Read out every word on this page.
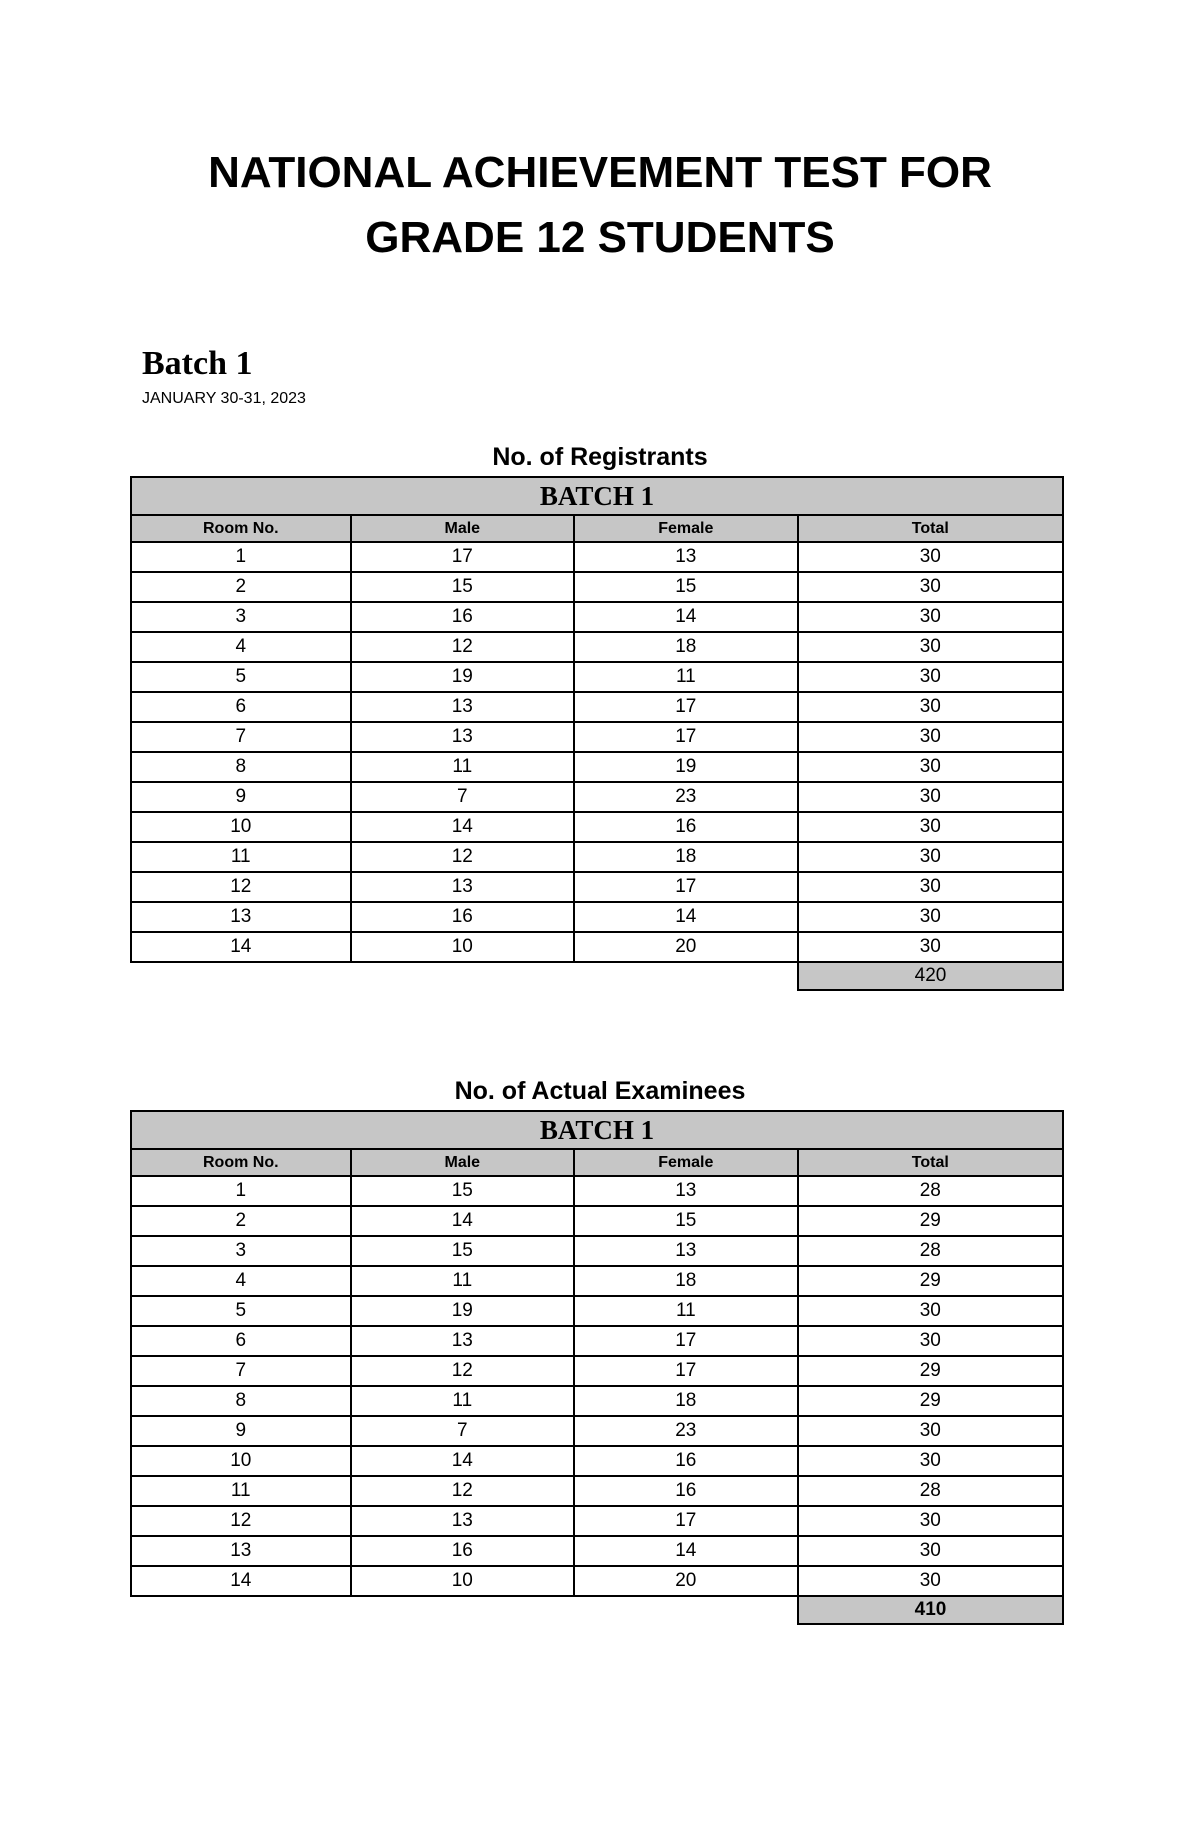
NATIONAL ACHIEVEMENT TEST FOR
GRADE 12 STUDENTS
Batch 1
JANUARY 30-31, 2023
No. of Registrants
BATCH 1			
Room No.	Male	Female	Total
1	17	13	30
2	15	15	30
3	16	14	30
4	12	18	30
5	19	11	30
6	13	17	30
7	13	17	30
8	11	19	30
9	7	23	30
10	14	16	30
11	12	18	30
12	13	17	30
13	16	14	30
14	10	20	30
420
No. of Actual Examinees
BATCH 1			
Room No.	Male	Female	Total
1	15	13	28
2	14	15	29
3	15	13	28
4	11	18	29
5	19	11	30
6	13	17	30
7	12	17	29
8	11	18	29
9	7	23	30
10	14	16	30
11	12	16	28
12	13	17	30
13	16	14	30
14	10	20	30
410
